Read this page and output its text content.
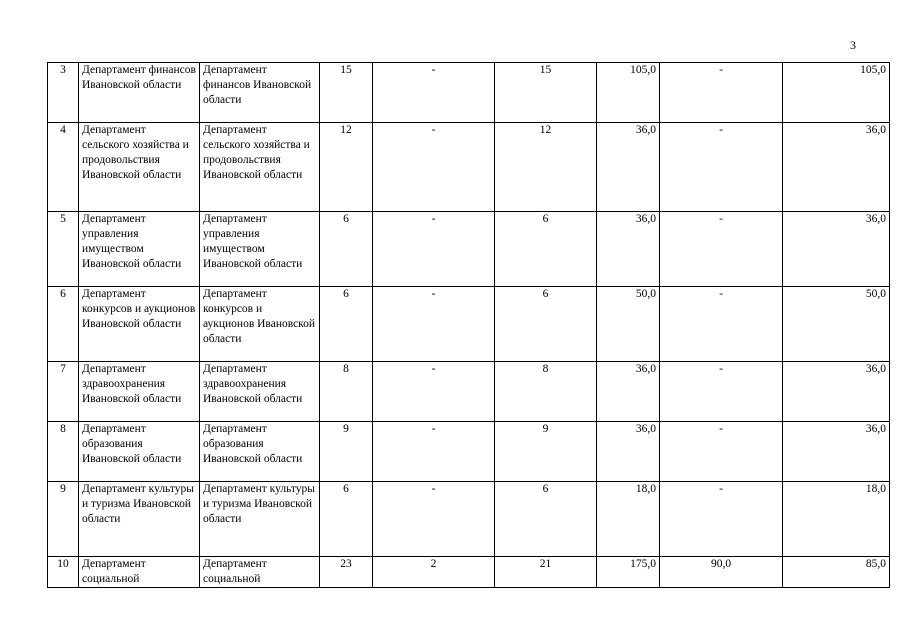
3
3	Департамент финансов Ивановской области	Департамент финансов Ивановской области	15	-	15	105,0	-	105,0
4	Департамент сельского хозяйства и продовольствия Ивановской области	Департамент сельского хозяйства и продовольствия Ивановской области	12	-	12	36,0	-	36,0
5	Департамент управления имуществом Ивановской области	Департамент управления имуществом Ивановской области	6	-	6	36,0	-	36,0
6	Департамент конкурсов и аукционов Ивановской области	Департамент конкурсов и аукционов Ивановской области	6	-	6	50,0	-	50,0
7	Департамент здравоохранения Ивановской области	Департамент здравоохранения Ивановской области	8	-	8	36,0	-	36,0
8	Департамент образования Ивановской области	Департамент образования Ивановской области	9	-	9	36,0	-	36,0
9	Департамент культуры и туризма Ивановской области	Департамент культуры и туризма Ивановской области	6	-	6	18,0	-	18,0
10	Департамент социальной	Департамент социальной	23	2	21	175,0	90,0	85,0
